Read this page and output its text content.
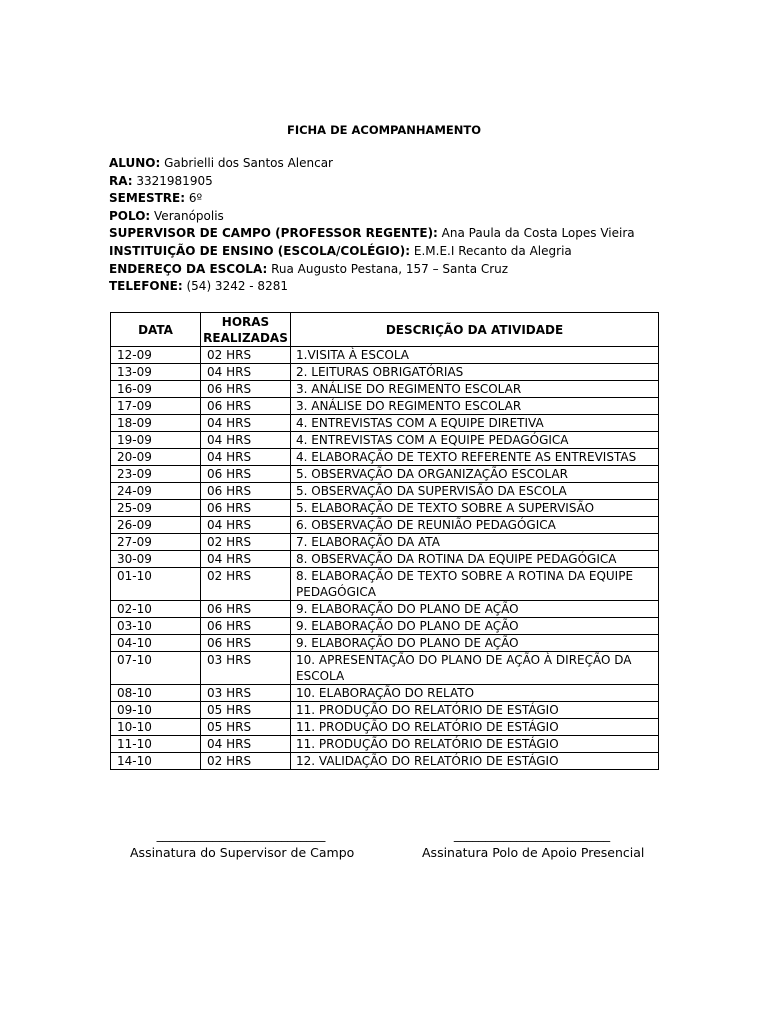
FICHA DE ACOMPANHAMENTO
ALUNO: Gabrielli dos Santos Alencar
RA: 3321981905
SEMESTRE: 6º
POLO: Veranópolis
SUPERVISOR DE CAMPO (PROFESSOR REGENTE): Ana Paula da Costa Lopes Vieira
INSTITUIÇÃO DE ENSINO (ESCOLA/COLÉGIO): E.M.E.I Recanto da Alegria
ENDEREÇO DA ESCOLA: Rua Augusto Pestana, 157 – Santa Cruz
TELEFONE: (54) 3242 - 8281
DATA	HORAS REALIZADAS	DESCRIÇÃO DA ATIVIDADE
12-09	02 HRS	1.VISITA À ESCOLA
13-09	04 HRS	2. LEITURAS OBRIGATÓRIAS
16-09	06 HRS	3. ANÁLISE DO REGIMENTO ESCOLAR
17-09	06 HRS	3. ANÁLISE DO REGIMENTO ESCOLAR
18-09	04 HRS	4. ENTREVISTAS COM A EQUIPE DIRETIVA
19-09	04 HRS	4. ENTREVISTAS COM A EQUIPE PEDAGÓGICA
20-09	04 HRS	4. ELABORAÇÃO DE TEXTO REFERENTE AS ENTREVISTAS
23-09	06 HRS	5. OBSERVAÇÃO DA ORGANIZAÇÃO ESCOLAR
24-09	06 HRS	5. OBSERVAÇÃO DA SUPERVISÃO DA ESCOLA
25-09	06 HRS	5. ELABORAÇÃO DE TEXTO SOBRE A SUPERVISÃO
26-09	04 HRS	6. OBSERVAÇÃO DE REUNIÃO PEDAGÓGICA
27-09	02 HRS	7. ELABORAÇÃO DA ATA
30-09	04 HRS	8. OBSERVAÇÃO DA ROTINA DA EQUIPE PEDAGÓGICA
01-10	02 HRS	8. ELABORAÇÃO DE TEXTO SOBRE A ROTINA DA EQUIPE PEDAGÓGICA
02-10	06 HRS	9. ELABORAÇÃO DO PLANO DE AÇÃO
03-10	06 HRS	9. ELABORAÇÃO DO PLANO DE AÇÃO
04-10	06 HRS	9. ELABORAÇÃO DO PLANO DE AÇÃO
07-10	03 HRS	10. APRESENTAÇÃO DO PLANO DE AÇÃO À DIREÇÃO DA ESCOLA
08-10	03 HRS	10. ELABORAÇÃO DO RELATO
09-10	05 HRS	11. PRODUÇÃO DO RELATÓRIO DE ESTÁGIO
10-10	05 HRS	11. PRODUÇÃO DO RELATÓRIO DE ESTÁGIO
11-10	04 HRS	11. PRODUÇÃO DO RELATÓRIO DE ESTÁGIO
14-10	02 HRS	12. VALIDAÇÃO DO RELATÓRIO DE ESTÁGIO
___________________________
Assinatura do Supervisor de Campo
_________________________
Assinatura Polo de Apoio Presencial
